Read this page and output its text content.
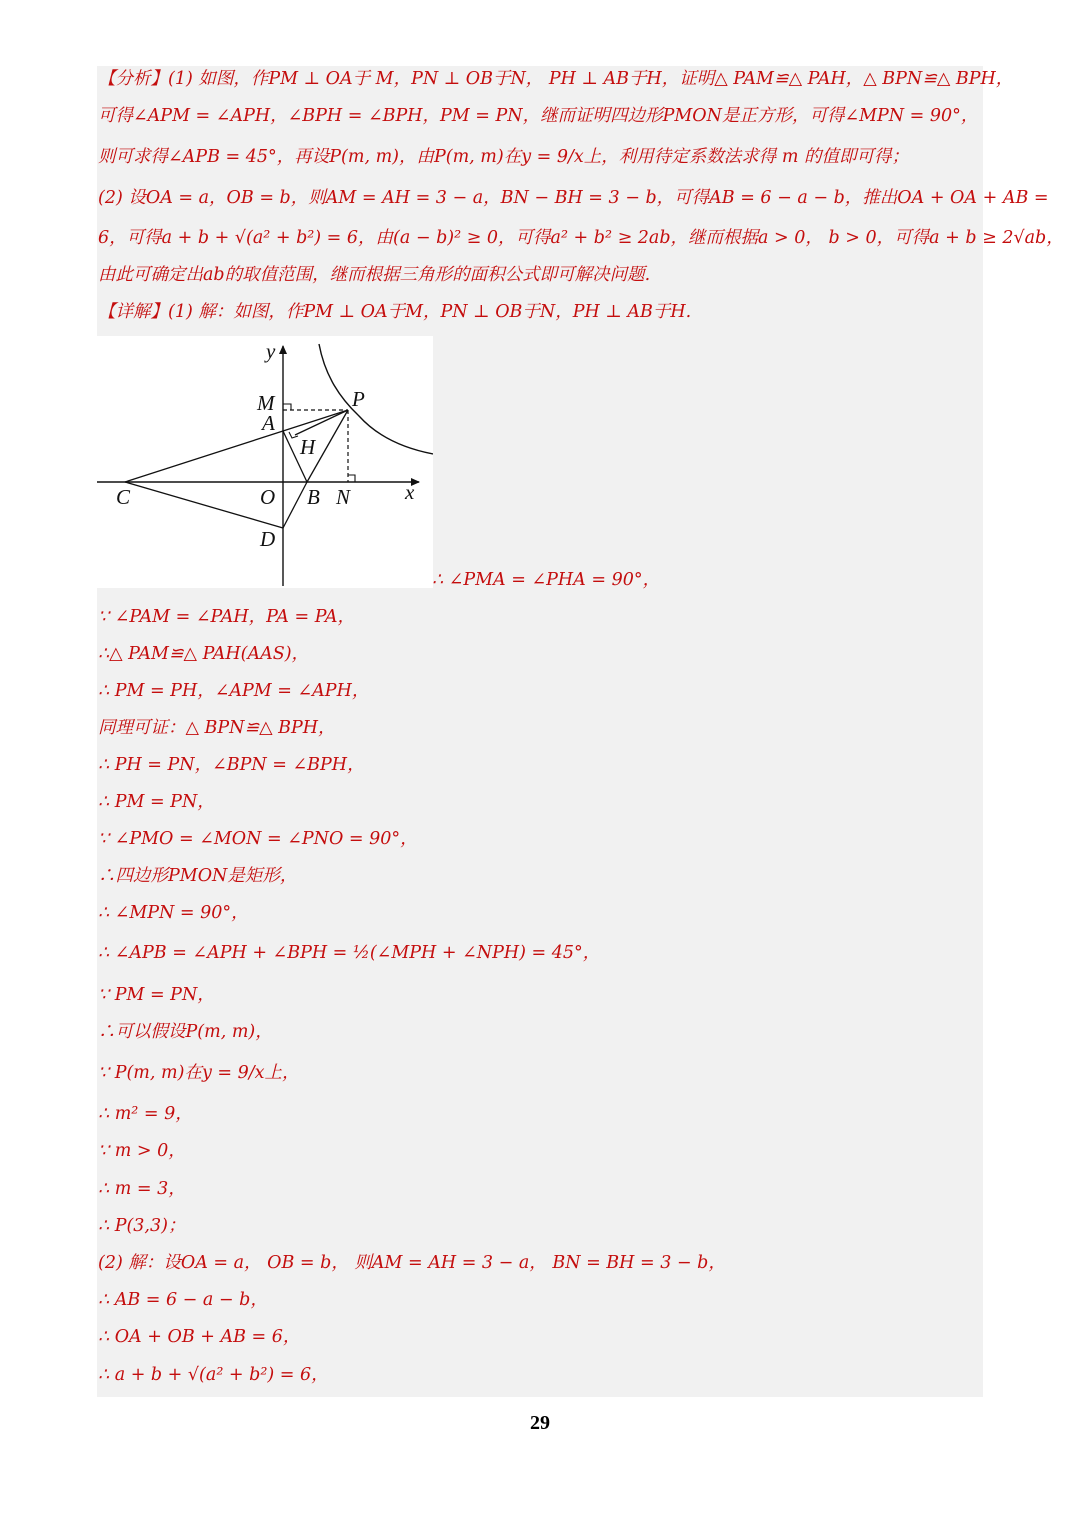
【分析】(1) 如图，作PM ⊥ OA于 M，PN ⊥ OB于N， PH ⊥ AB于H，证明△ PAM≌△ PAH，△ BPN≌△ BPH，
可得∠APM = ∠APH，∠BPH = ∠BPH，PM = PN，继而证明四边形PMON是正方形，可得∠MPN = 90°，
则可求得∠APB = 45°，再设P(m, m)，由P(m, m)在y = 9/x上，利用待定系数法求得 m 的值即可得；
(2) 设OA = a，OB = b，则AM = AH = 3 − a，BN − BH = 3 − b，可得AB = 6 − a − b，推出OA + OA + AB =
6，可得a + b + √(a² + b²) = 6，由(a − b)² ≥ 0，可得a² + b² ≥ 2ab，继而根据a > 0， b > 0，可得a + b ≥ 2√ab，
由此可确定出ab的取值范围，继而根据三角形的面积公式即可解决问题.
【详解】(1) 解：如图，作PM ⊥ OA于M，PN ⊥ OB于N，PH ⊥ AB于H.
y
x
M	P
A
H
C	O B N
D
∴ ∠PMA = ∠PHA = 90°，
∵ ∠PAM = ∠PAH，PA = PA，
∴△ PAM≌△ PAH(AAS)，
∴ PM = PH，∠APM = ∠APH，
同理可证：△ BPN≌△ BPH，
∴ PH = PN，∠BPN = ∠BPH，
∴ PM = PN，
∵ ∠PMO = ∠MON = ∠PNO = 90°，
∴四边形PMON是矩形，
∴ ∠MPN = 90°，
∴ ∠APB = ∠APH + ∠BPH = ½(∠MPH + ∠NPH) = 45°，
∵ PM = PN，
∴可以假设P(m, m)，
∵ P(m, m)在y = 9/x上，
∴ m² = 9，
∵ m > 0，
∴ m = 3，
∴ P(3,3)；
(2) 解：设OA = a， OB = b， 则AM = AH = 3 − a， BN = BH = 3 − b，
∴ AB = 6 − a − b，
∴ OA + OB + AB = 6，
∴ a + b + √(a² + b²) = 6，
29
